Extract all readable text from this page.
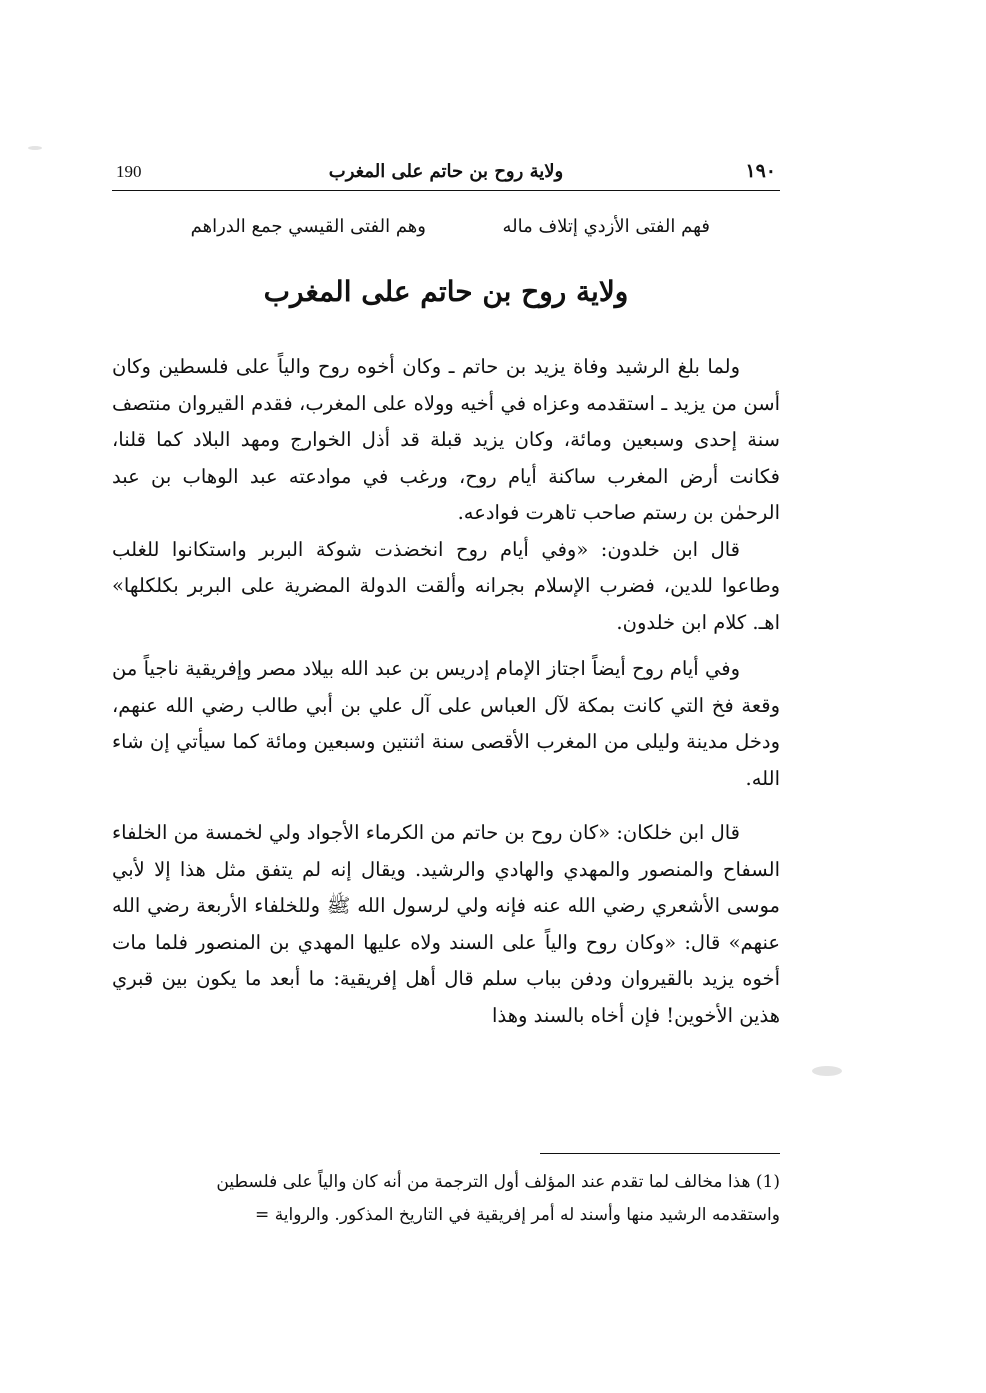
١٩٠
ولاية روح بن حاتم على المغرب
190
فهم الفتى الأزدي إتلاف ماله
وهم الفتى القيسي جمع الدراهم
ولاية روح بن حاتم على المغرب

ولما بلغ الرشيد وفاة يزيد بن حاتم ـ وكان أخوه روح والياً على فلسطين وكان أسن من يزيد ـ استقدمه وعزاه في أخيه وولاه على المغرب، فقدم القيروان منتصف سنة إحدى وسبعين ومائة، وكان يزيد قبلة قد أذل الخوارج ومهد البلاد كما قلنا، فكانت أرض المغرب ساكنة أيام روح، ورغب في موادعته عبد الوهاب بن عبد الرحمٰن بن رستم صاحب تاهرت فوادعه.

قال ابن خلدون: «وفي أيام روح انخضذت شوكة البربر واستكانوا للغلب وطاعوا للدين، فضرب الإسلام بجرانه وألقت الدولة المضرية على البربر بكلكلها» اهـ. كلام ابن خلدون.

وفي أيام روح أيضاً اجتاز الإمام إدريس بن عبد الله بيلاد مصر وإفريقية ناجياً من وقعة فخ التي كانت بمكة لآل العباس على آل علي بن أبي طالب رضي الله عنهم، ودخل مدينة وليلى من المغرب الأقصى سنة اثنتين وسبعين ومائة كما سيأتي إن شاء الله.

قال ابن خلكان: «كان روح بن حاتم من الكرماء الأجواد ولي لخمسة من الخلفاء السفاح والمنصور والمهدي والهادي والرشيد. ويقال إنه لم يتفق مثل هذا إلا لأبي موسى الأشعري رضي الله عنه فإنه ولي لرسول الله ﷺ وللخلفاء الأربعة رضي الله عنهم» قال: «وكان روح والياً على السند ولاه عليها المهدي بن المنصور فلما مات أخوه يزيد بالقيروان ودفن بباب سلم قال أهل إفريقية: ما أبعد ما يكون بين قبري هذين الأخوين! فإن أخاه بالسند وهذا

(1) هذا مخالف لما تقدم عند المؤلف أول الترجمة من أنه كان والياً على فلسطين

واستقدمه الرشيد منها وأسند له أمر إفريقية في التاريخ المذكور. والرواية =
